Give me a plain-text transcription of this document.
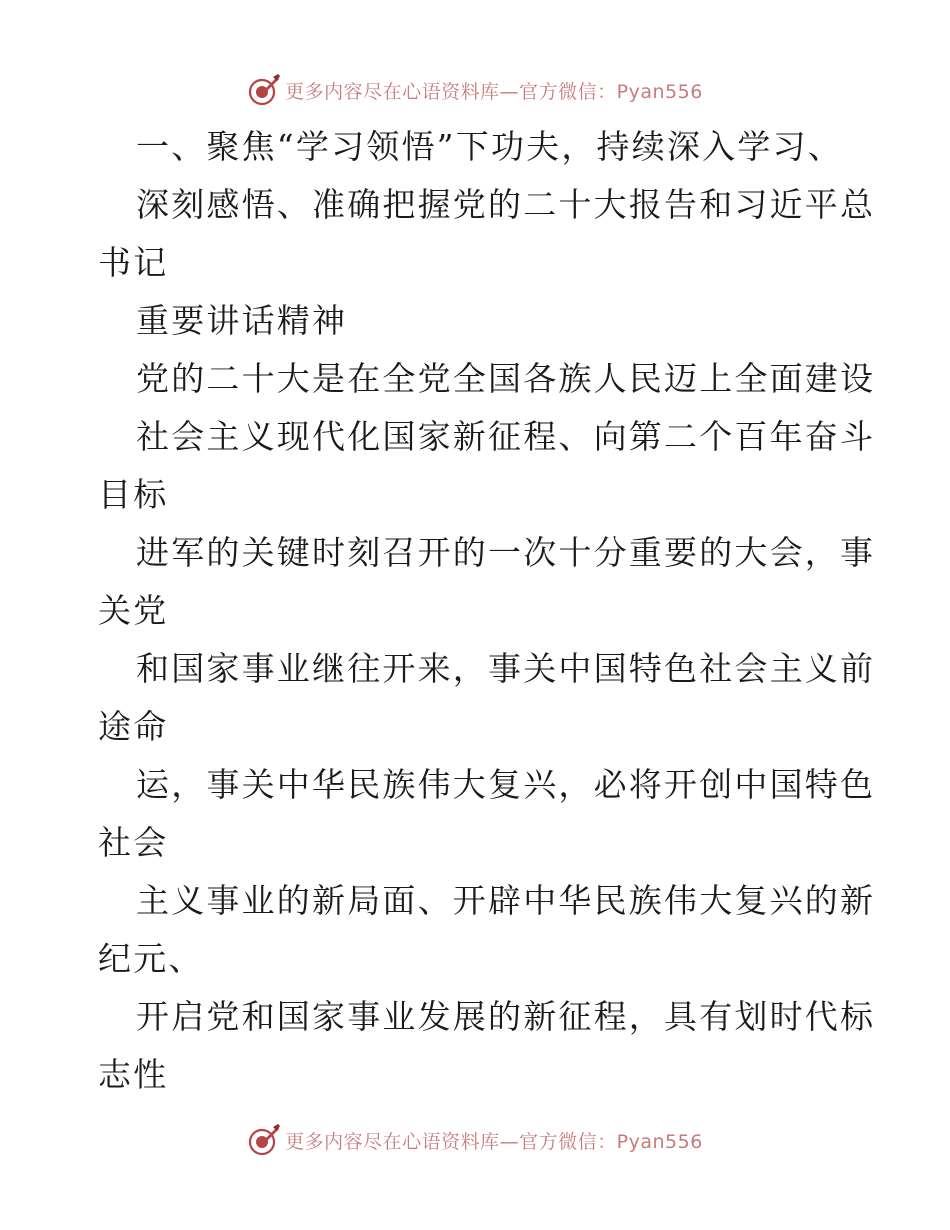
更多内容尽在心语资料库—官方微信：Pyan556
一、聚焦“学习领悟”下功夫，持续深入学习、
深刻感悟、准确把握党的二十大报告和习近平总
书记
重要讲话精神
党的二十大是在全党全国各族人民迈上全面建设
社会主义现代化国家新征程、向第二个百年奋斗
目标
进军的关键时刻召开的一次十分重要的大会，事
关党
和国家事业继往开来，事关中国特色社会主义前
途命
运，事关中华民族伟大复兴，必将开创中国特色
社会
主义事业的新局面、开辟中华民族伟大复兴的新
纪元、
开启党和国家事业发展的新征程，具有划时代标
志性
更多内容尽在心语资料库—官方微信：Pyan556
